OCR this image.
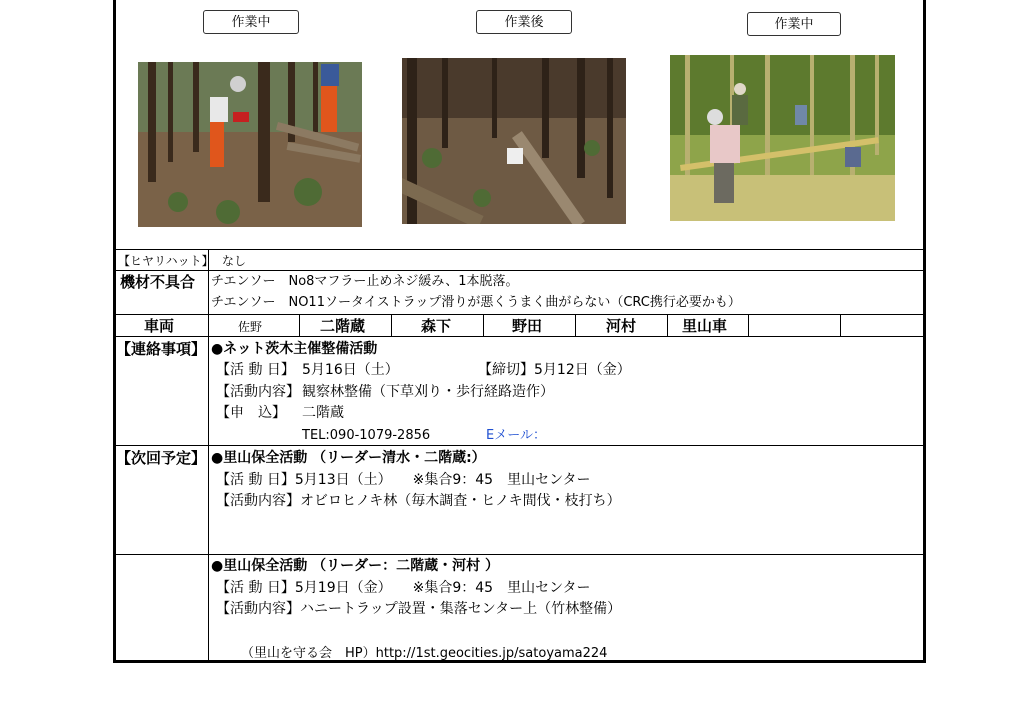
作業中	作業後	作業中
【ヒヤリハット】 なし
機材不具合 チエンソー　No8マフラー止めネジ緩み、1本脱落。
チエンソー　NO11ソータイストラップ滑りが悪くうまく曲がらない（CRC携行必要かも）
車両	佐野	二階蔵	森下	野田	河村	里山車
【連絡事項】 ●ネット茨木主催整備活動
【活 動 日】 5月16日（土）	【締切】5月12日（金）
【活動内容】 観察林整備（下草刈り・歩行経路造作）
【申　込】 二階蔵
TEL:090-1079-2856	Eメール：
【次回予定】 ●里山保全活動 （リーダー清水・二階蔵:）
【活 動 日】5月13日（土）　　※集合9：45　里山センター
【活動内容】オビロヒノキ林（毎木調査・ヒノキ間伐・枝打ち）
●里山保全活動 （リーダー：二階蔵・河村 ）
【活 動 日】5月19日（金）　　※集合9：45　里山センター
【活動内容】ハニートラップ設置・集落センター上（竹林整備）
（里山を守る会　HP）http://1st.geocities.jp/satoyama224
